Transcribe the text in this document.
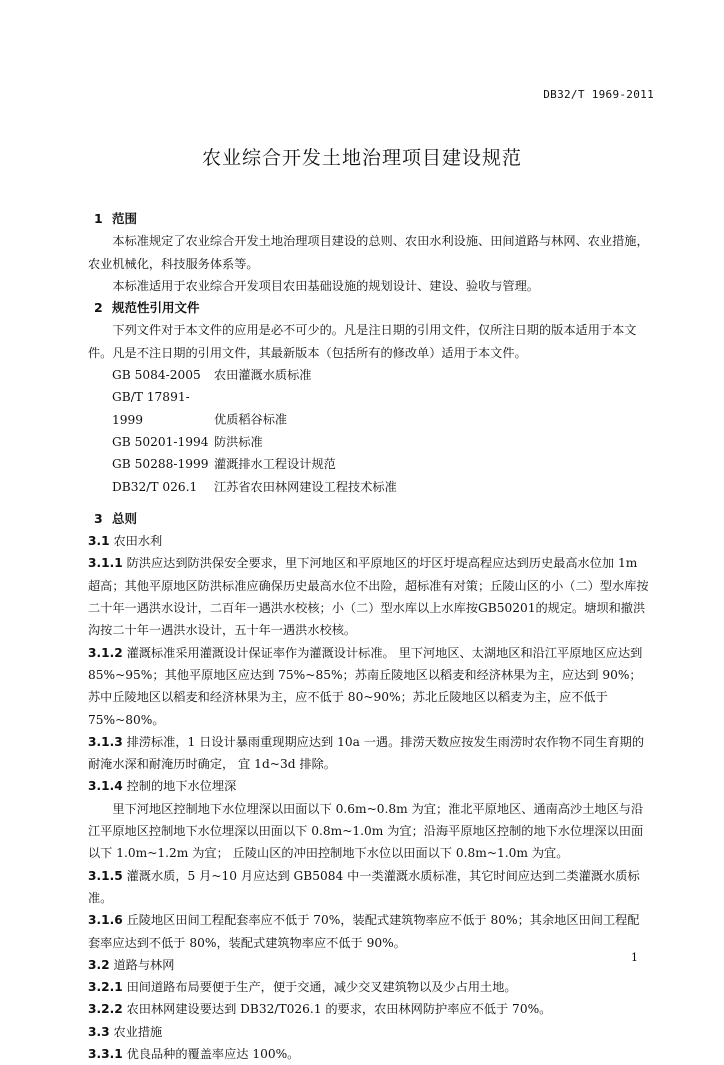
DB32/T 1969-2011
农业综合开发土地治理项目建设规范

1 范围

本标准规定了农业综合开发土地治理项目建设的总则、农田水利设施、田间道路与林网、农业措施，农业机械化，科技服务体系等。

本标准适用于农业综合开发项目农田基础设施的规划设计、建设、验收与管理。

2 规范性引用文件

下列文件对于本文件的应用是必不可少的。凡是注日期的引用文件，仅所注日期的版本适用于本文件。凡是不注日期的引用文件，其最新版本（包括所有的修改单）适用于本文件。

GB 5084-2005 农田灌溉水质标准
GB/T 17891-1999	优质稻谷标准
GB 50201-1994 防洪标准
GB 50288-1999 灌溉排水工程设计规范
DB32/T 026.1 江苏省农田林网建设工程技术标准

3 总则

3.1 农田水利

3.1.1 防洪应达到防洪保安全要求，里下河地区和平原地区的圩区圩堤高程应达到历史最高水位加 1m 超高；其他平原地区防洪标准应确保历史最高水位不出险，超标准有对策；丘陵山区的小（二）型水库按二十年一遇洪水设计，二百年一遇洪水校核；小（二）型水库以上水库按GB50201的规定。塘坝和撤洪沟按二十年一遇洪水设计，五十年一遇洪水校核。

3.1.2 灌溉标准采用灌溉设计保证率作为灌溉设计标准。 里下河地区、太湖地区和沿江平原地区应达到 85%~95%；其他平原地区应达到 75%~85%；苏南丘陵地区以稻麦和经济林果为主，应达到 90%；苏中丘陵地区以稻麦和经济林果为主，应不低于 80~90%；苏北丘陵地区以稻麦为主，应不低于 75%~80%。

3.1.3 排涝标准，1 日设计暴雨重现期应达到 10a 一遇。排涝天数应按发生雨涝时农作物不同生育期的耐淹水深和耐淹历时确定， 宜 1d~3d 排除。

3.1.4 控制的地下水位埋深

里下河地区控制地下水位埋深以田面以下 0.6m~0.8m 为宜；淮北平原地区、通南高沙土地区与沿江平原地区控制地下水位埋深以田面以下 0.8m~1.0m 为宜；沿海平原地区控制的地下水位埋深以田面以下 1.0m~1.2m 为宜； 丘陵山区的冲田控制地下水位以田面以下 0.8m~1.0m 为宜。

3.1.5 灌溉水质，5 月~10 月应达到 GB5084 中一类灌溉水质标准，其它时间应达到二类灌溉水质标准。

3.1.6 丘陵地区田间工程配套率应不低于 70%，装配式建筑物率应不低于 80%；其余地区田间工程配套率应达到不低于 80%，装配式建筑物率应不低于 90%。

3.2 道路与林网

3.2.1 田间道路布局要便于生产，便于交通，减少交叉建筑物以及少占用土地。

3.2.2 农田林网建设要达到 DB32/T026.1 的要求，农田林网防护率应不低于 70%。

3.3 农业措施

3.3.1 优良品种的覆盖率应达 100%。

1
